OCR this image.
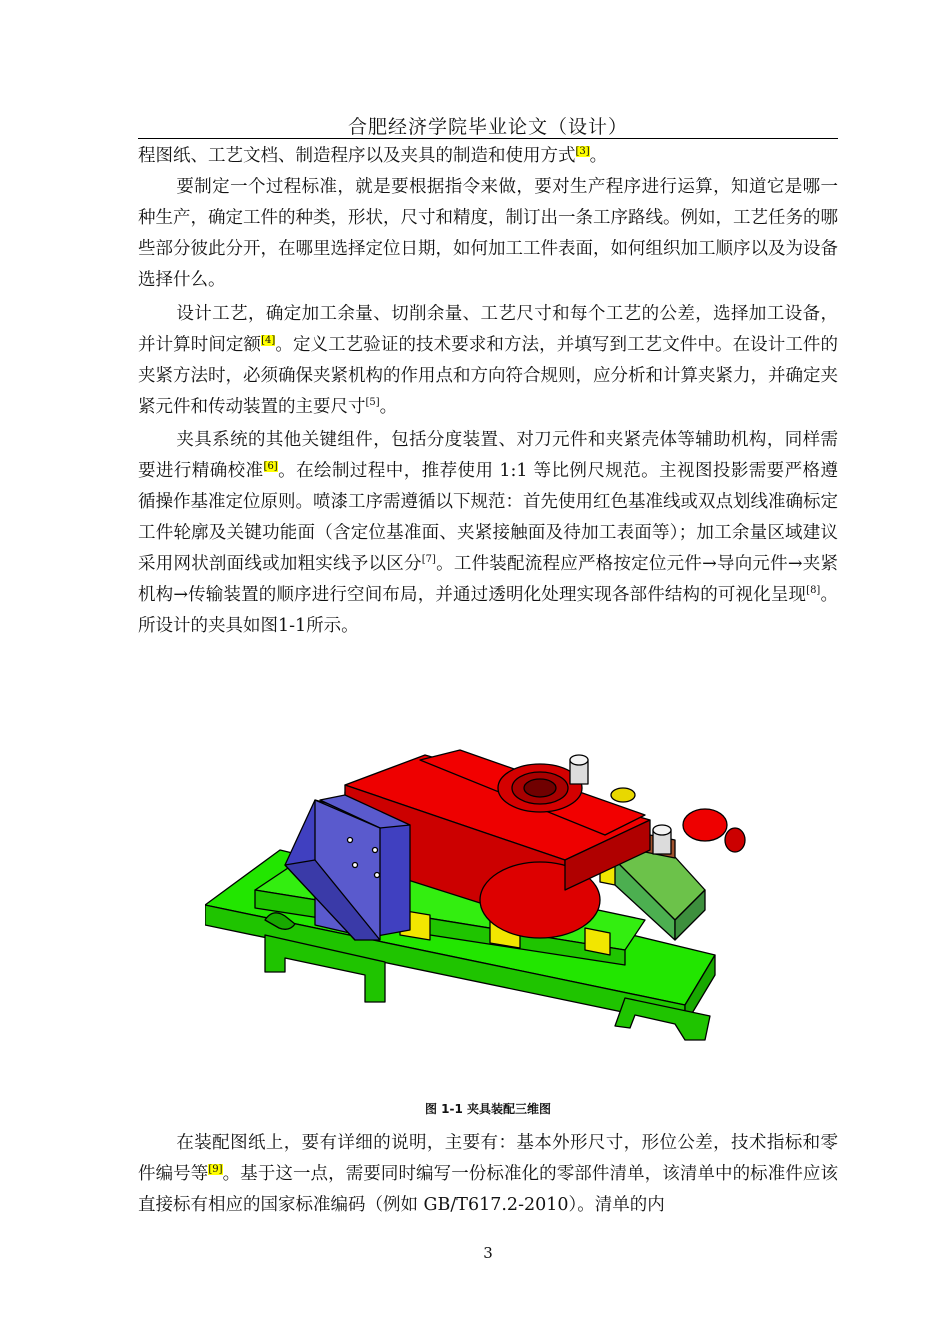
合肥经济学院毕业论文（设计）

程图纸、工艺文档、制造程序以及夹具的制造和使用方式[3]。

要制定一个过程标准，就是要根据指令来做，要对生产程序进行运算，知道它是哪一种生产，确定工件的种类，形状，尺寸和精度，制订出一条工序路线。例如，工艺任务的哪些部分彼此分开，在哪里选择定位日期，如何加工工件表面，如何组织加工顺序以及为设备选择什么。

设计工艺，确定加工余量、切削余量、工艺尺寸和每个工艺的公差，选择加工设备，并计算时间定额[4]。定义工艺验证的技术要求和方法，并填写到工艺文件中。在设计工件的夹紧方法时，必须确保夹紧机构的作用点和方向符合规则，应分析和计算夹紧力，并确定夹紧元件和传动装置的主要尺寸[5]。

夹具系统的其他关键组件，包括分度装置、对刀元件和夹紧壳体等辅助机构，同样需要进行精确校准[6]。在绘制过程中，推荐使用 1:1 等比例尺规范。主视图投影需要严格遵循操作基准定位原则。喷漆工序需遵循以下规范：首先使用红色基准线或双点划线准确标定工件轮廓及关键功能面（含定位基准面、夹紧接触面及待加工表面等）；加工余量区域建议采用网状剖面线或加粗实线予以区分[7]。工件装配流程应严格按定位元件→导向元件→夹紧机构→传输装置的顺序进行空间布局，并通过透明化处理实现各部件结构的可视化呈现[8]。所设计的夹具如图1-1所示。

图 1-1 夹具装配三维图

在装配图纸上，要有详细的说明，主要有：基本外形尺寸，形位公差，技术指标和零件编号等[9]。基于这一点，需要同时编写一份标准化的零部件清单，该清单中的标准件应该直接标有相应的国家标准编码（例如 GB/T617.2-2010）。清单的内

3
